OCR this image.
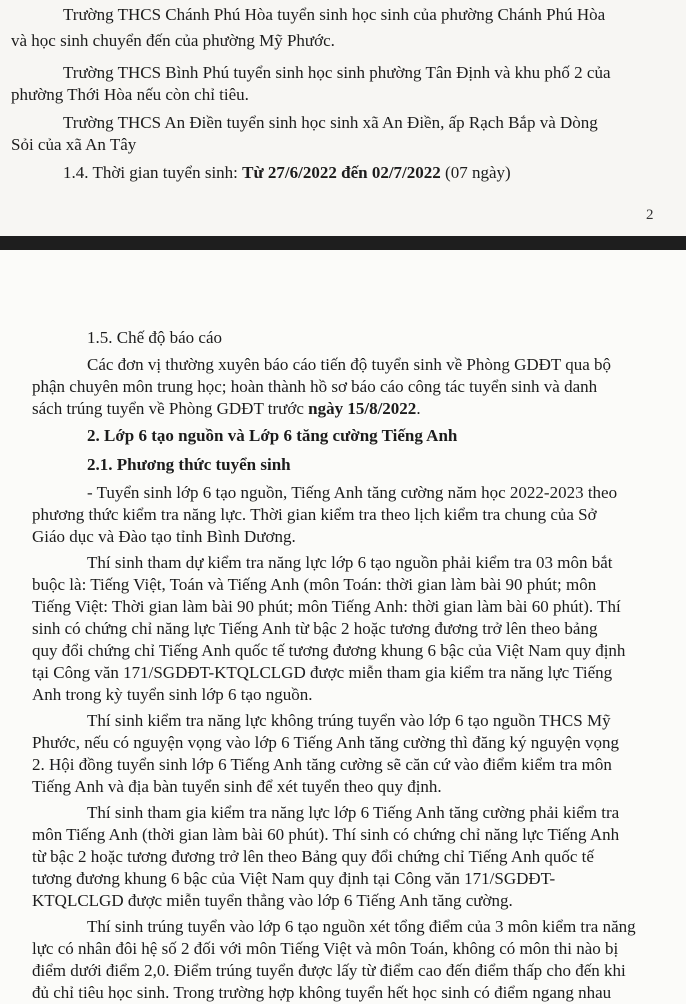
Trường THCS Chánh Phú Hòa tuyển sinh học sinh của phường Chánh Phú Hòa
và học sinh chuyển đến của phường Mỹ Phước.
Trường THCS Bình Phú tuyển sinh học sinh phường Tân Định và khu phố 2 của
phường Thới Hòa nếu còn chỉ tiêu.
Trường THCS An Điền tuyển sinh học sinh xã An Điền, ấp Rạch Bắp và Dòng
Sỏi của xã An Tây
1.4. Thời gian tuyển sinh: Từ 27/6/2022 đến 02/7/2022 (07 ngày)
2
1.5. Chế độ báo cáo
Các đơn vị thường xuyên báo cáo tiến độ tuyển sinh về Phòng GDĐT qua bộ
phận chuyên môn trung học; hoàn thành hồ sơ báo cáo công tác tuyển sinh và danh
sách trúng tuyển về Phòng GDĐT trước ngày 15/8/2022.
2. Lớp 6 tạo nguồn và Lớp 6 tăng cường Tiếng Anh
2.1. Phương thức tuyển sinh
- Tuyển sinh lớp 6 tạo nguồn, Tiếng Anh tăng cường năm học 2022-2023 theo
phương thức kiểm tra năng lực. Thời gian kiểm tra theo lịch kiểm tra chung của Sở
Giáo dục và Đào tạo tỉnh Bình Dương.
Thí sinh tham dự kiểm tra năng lực lớp 6 tạo nguồn phải kiểm tra 03 môn bắt
buộc là: Tiếng Việt, Toán và Tiếng Anh (môn Toán: thời gian làm bài 90 phút; môn
Tiếng Việt: Thời gian làm bài 90 phút; môn Tiếng Anh: thời gian làm bài 60 phút). Thí
sinh có chứng chỉ năng lực Tiếng Anh từ bậc 2 hoặc tương đương trở lên theo bảng
quy đổi chứng chỉ Tiếng Anh quốc tế tương đương khung 6 bậc của Việt Nam quy định
tại Công văn 171/SGDĐT-KTQLCLGD được miễn tham gia kiểm tra năng lực Tiếng
Anh trong kỳ tuyển sinh lớp 6 tạo nguồn.
Thí sinh kiểm tra năng lực không trúng tuyển vào lớp 6 tạo nguồn THCS Mỹ
Phước, nếu có nguyện vọng vào lớp 6 Tiếng Anh tăng cường thì đăng ký nguyện vọng
2. Hội đồng tuyển sinh lớp 6 Tiếng Anh tăng cường sẽ căn cứ vào điểm kiểm tra môn
Tiếng Anh và địa bàn tuyển sinh để xét tuyển theo quy định.
Thí sinh tham gia kiểm tra năng lực lớp 6 Tiếng Anh tăng cường phải kiểm tra
môn Tiếng Anh (thời gian làm bài 60 phút). Thí sinh có chứng chỉ năng lực Tiếng Anh
từ bậc 2 hoặc tương đương trở lên theo Bảng quy đổi chứng chỉ Tiếng Anh quốc tế
tương đương khung 6 bậc của Việt Nam quy định tại Công văn 171/SGDĐT-
KTQLCLGD được miễn tuyển thẳng vào lớp 6 Tiếng Anh tăng cường.
Thí sinh trúng tuyển vào lớp 6 tạo nguồn xét tổng điểm của 3 môn kiểm tra năng
lực có nhân đôi hệ số 2 đối với môn Tiếng Việt và môn Toán, không có môn thi nào bị
điểm dưới điểm 2,0. Điểm trúng tuyển được lấy từ điểm cao đến điểm thấp cho đến khi
đủ chỉ tiêu học sinh. Trong trường hợp không tuyển hết học sinh có điểm ngang nhau
